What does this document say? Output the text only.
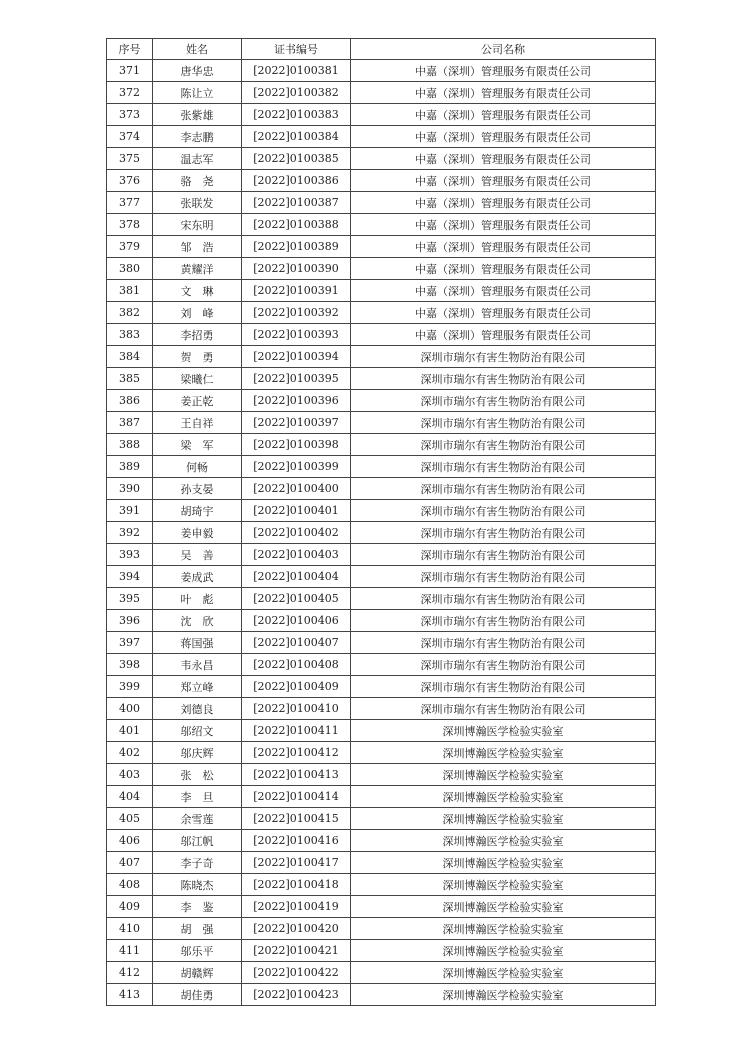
序号	姓名	证书编号	公司名称
371	唐华忠	[2022]0100381	中嘉（深圳）管理服务有限责任公司
372	陈让立	[2022]0100382	中嘉（深圳）管理服务有限责任公司
373	张紫雄	[2022]0100383	中嘉（深圳）管理服务有限责任公司
374	李志鹏	[2022]0100384	中嘉（深圳）管理服务有限责任公司
375	温志军	[2022]0100385	中嘉（深圳）管理服务有限责任公司
376	骆　尧	[2022]0100386	中嘉（深圳）管理服务有限责任公司
377	张联发	[2022]0100387	中嘉（深圳）管理服务有限责任公司
378	宋东明	[2022]0100388	中嘉（深圳）管理服务有限责任公司
379	邹　浩	[2022]0100389	中嘉（深圳）管理服务有限责任公司
380	黄耀洋	[2022]0100390	中嘉（深圳）管理服务有限责任公司
381	文　琳	[2022]0100391	中嘉（深圳）管理服务有限责任公司
382	刘　峰	[2022]0100392	中嘉（深圳）管理服务有限责任公司
383	李招勇	[2022]0100393	中嘉（深圳）管理服务有限责任公司
384	贺　勇	[2022]0100394	深圳市瑞尔有害生物防治有限公司
385	梁曦仁	[2022]0100395	深圳市瑞尔有害生物防治有限公司
386	姜正乾	[2022]0100396	深圳市瑞尔有害生物防治有限公司
387	王自祥	[2022]0100397	深圳市瑞尔有害生物防治有限公司
388	梁　军	[2022]0100398	深圳市瑞尔有害生物防治有限公司
389	何畅	[2022]0100399	深圳市瑞尔有害生物防治有限公司
390	孙支晏	[2022]0100400	深圳市瑞尔有害生物防治有限公司
391	胡琦宇	[2022]0100401	深圳市瑞尔有害生物防治有限公司
392	姜申毅	[2022]0100402	深圳市瑞尔有害生物防治有限公司
393	吴　善	[2022]0100403	深圳市瑞尔有害生物防治有限公司
394	姜成武	[2022]0100404	深圳市瑞尔有害生物防治有限公司
395	叶　彪	[2022]0100405	深圳市瑞尔有害生物防治有限公司
396	沈　欣	[2022]0100406	深圳市瑞尔有害生物防治有限公司
397	蒋国强	[2022]0100407	深圳市瑞尔有害生物防治有限公司
398	韦永昌	[2022]0100408	深圳市瑞尔有害生物防治有限公司
399	郑立峰	[2022]0100409	深圳市瑞尔有害生物防治有限公司
400	刘德良	[2022]0100410	深圳市瑞尔有害生物防治有限公司
401	邬绍文	[2022]0100411	深圳博瀚医学检验实验室
402	邬庆辉	[2022]0100412	深圳博瀚医学检验实验室
403	张　松	[2022]0100413	深圳博瀚医学检验实验室
404	李　旦	[2022]0100414	深圳博瀚医学检验实验室
405	余雪莲	[2022]0100415	深圳博瀚医学检验实验室
406	邬江帆	[2022]0100416	深圳博瀚医学检验实验室
407	李子奇	[2022]0100417	深圳博瀚医学检验实验室
408	陈晓杰	[2022]0100418	深圳博瀚医学检验实验室
409	李　鉴	[2022]0100419	深圳博瀚医学检验实验室
410	胡　强	[2022]0100420	深圳博瀚医学检验实验室
411	邬乐平	[2022]0100421	深圳博瀚医学检验实验室
412	胡赣辉	[2022]0100422	深圳博瀚医学检验实验室
413	胡佳勇	[2022]0100423	深圳博瀚医学检验实验室
